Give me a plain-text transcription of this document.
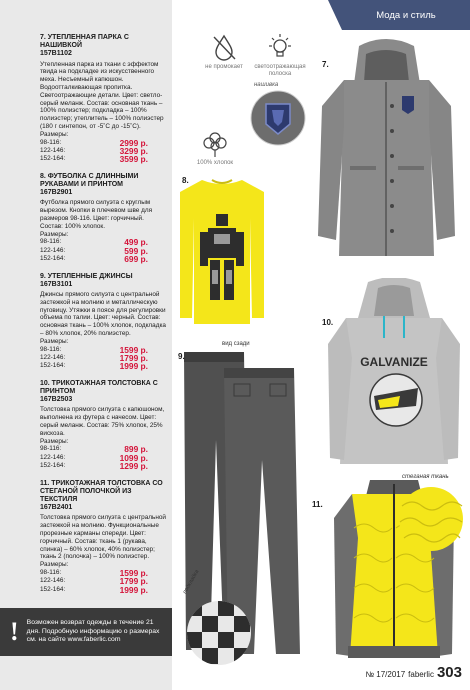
7. УТЕПЛЕННАЯ ПАРКА С НАШИВКОЙ
157B1102
Утепленная парка из ткани с эффектом твида на подкладке из искусственного меха. Несъемный капюшон. Водоотталкивающая пропитка. Светоотражающие детали. Цвет: светло-серый меланж. Состав: основная ткань – 100% полиэстер; подкладка – 100% полиэстер; утеплитель – 100% полиэстер (180 г синтепон, от -5˚С до -15˚С).
Размеры:
98-116:	2999 р.
122-146:	3299 р.
152-164:	3599 р.
8. ФУТБОЛКА С ДЛИННЫМИ РУКАВАМИ И ПРИНТОМ
167B2901
Футболка прямого силуэта с круглым вырезом. Кнопки в плечевом шве для размеров 98-116. Цвет: горчичный. Состав: 100% хлопок.
Размеры:
98-116:	499 р.
122-146:	599 р.
152-164:	699 р.
9. УТЕПЛЕННЫЕ ДЖИНСЫ
167B3101
Джинсы прямого силуэта с центральной застежкой на молнию и металлическую пуговицу. Утяжки в поясе для регулировки объема по талии. Цвет: черный. Состав: основная ткань – 100% хлопок, подкладка – 80% хлопок, 20% полиэстер.
Размеры:
98-116:	1599 р.
122-146:	1799 р.
152-164:	1999 р.
10. ТРИКОТАЖНАЯ ТОЛСТОВКА С ПРИНТОМ
167B2503
Толстовка прямого силуэта с капюшоном, выполнена из футера с начесом. Цвет: серый меланж. Состав: 75% хлопок, 25% вискоза.
Размеры:
98-116:	899 р.
122-146:	1099 р.
152-164:	1299 р.
11. ТРИКОТАЖНАЯ ТОЛСТОВКА СО СТЕГАНОЙ ПОЛОЧКОЙ ИЗ ТЕКСТИЛЯ
167B2401
Толстовка прямого силуэта с центральной застежкой на молнию. Функциональные прорезные карманы спереди. Цвет: горчичный. Состав: ткань 1 (рукава, спинка) – 60% хлопок, 40% полиэстер; ткань 2 (полочка) – 100% полиэстер.
Размеры:
98-116:	1599 р.
122-146:	1799 р.
152-164:	1999 р.
! Возможен возврат одежды в течение 21 дня. Подробную информацию о размерах см. на сайте www.faberlic.com
Мода и стиль
не промокает	светоотражающая полоска
нашивка
100% хлопок
7.
8.
вид сзади
9.	GALVANIZE
10.
11.
стеганая ткань
подкладка
№ 17/2017 faberlic 303
